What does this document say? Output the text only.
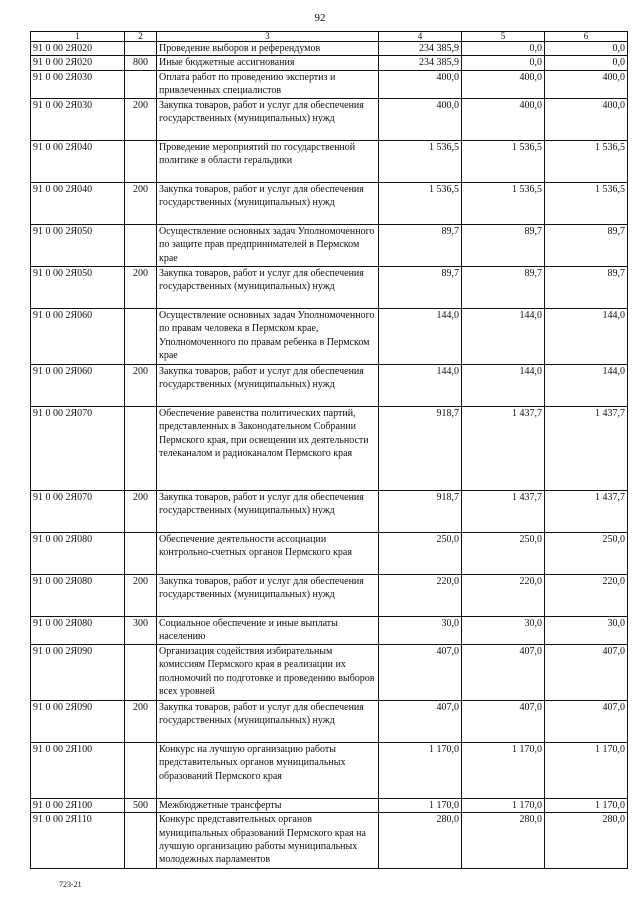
92
1	2	3	4	5	6
91 0 00 2Я020		Проведение выборов и референдумов	234 385,9	0,0	0,0
91 0 00 2Я020	800	Иные бюджетные ассигнования	234 385,9	0,0	0,0
91 0 00 2Я030		Оплата работ по проведению экспертиз и привлеченных специалистов	400,0	400,0	400,0
91 0 00 2Я030	200	Закупка товаров, работ и услуг для обеспечения государственных (муниципальных) нужд	400,0	400,0	400,0
91 0 00 2Я040		Проведение мероприятий по государственной политике в области геральдики	1 536,5	1 536,5	1 536,5
91 0 00 2Я040	200	Закупка товаров, работ и услуг для обеспечения государственных (муниципальных) нужд	1 536,5	1 536,5	1 536,5
91 0 00 2Я050		Осуществление основных задач Уполномоченного по защите прав предпринимателей в Пермском крае	89,7	89,7	89,7
91 0 00 2Я050	200	Закупка товаров, работ и услуг для обеспечения государственных (муниципальных) нужд	89,7	89,7	89,7
91 0 00 2Я060		Осуществление основных задач Уполномоченного по правам человека в Пермском крае, Уполномоченного по правам ребенка в Пермском крае	144,0	144,0	144,0
91 0 00 2Я060	200	Закупка товаров, работ и услуг для обеспечения государственных (муниципальных) нужд	144,0	144,0	144,0
91 0 00 2Я070		Обеспечение равенства политических партий, представленных в Законодательном Собрании Пермского края, при освещении их деятельности телеканалом и радиоканалом Пермского края	918,7	1 437,7	1 437,7
91 0 00 2Я070	200	Закупка товаров, работ и услуг для обеспечения государственных (муниципальных) нужд	918,7	1 437,7	1 437,7
91 0 00 2Я080		Обеспечение деятельности ассоциации контрольно-счетных органов Пермского края	250,0	250,0	250,0
91 0 00 2Я080	200	Закупка товаров, работ и услуг для обеспечения государственных (муниципальных) нужд	220,0	220,0	220,0
91 0 00 2Я080	300	Социальное обеспечение и иные выплаты населению	30,0	30,0	30,0
91 0 00 2Я090		Организация содействия избирательным комиссиям Пермского края в реализации их полномочий по подготовке и проведению выборов всех уровней	407,0	407,0	407,0
91 0 00 2Я090	200	Закупка товаров, работ и услуг для обеспечения государственных (муниципальных) нужд	407,0	407,0	407,0
91 0 00 2Я100		Конкурс на лучшую организацию работы представительных органов муниципальных образований Пермского края	1 170,0	1 170,0	1 170,0
91 0 00 2Я100	500	Межбюджетные трансферты	1 170,0	1 170,0	1 170,0
91 0 00 2Я110		Конкурс представительных органов муниципальных образований Пермского края на лучшую организацию работы муниципальных молодежных парламентов	280,0	280,0	280,0
723-21
